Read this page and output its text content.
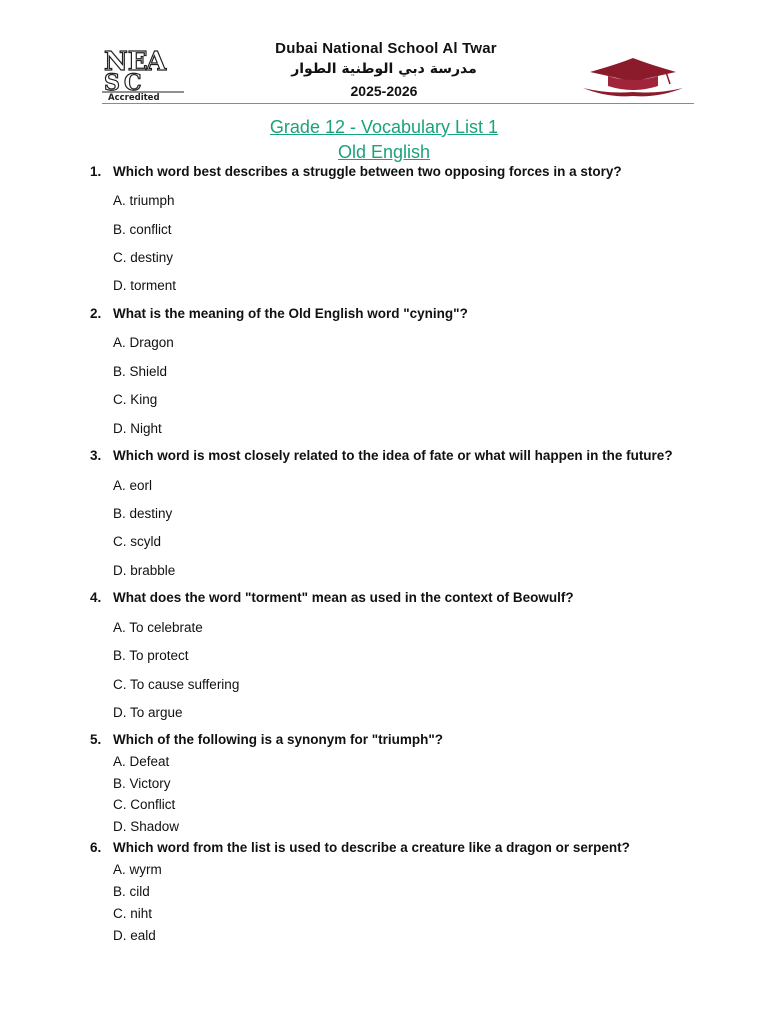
NE
A
S C
Accredited
Dubai National School Al Twar
مدرسة دبي الوطنية الطوار
2025-2026
Grade 12 - Vocabulary List 1
Old English
1. Which word best describes a struggle between two opposing forces in a story?
A. triumph
B. conflict
C. destiny
D. torment
2. What is the meaning of the Old English word "cyning"?
A. Dragon
B. Shield
C. King
D. Night
3. Which word is most closely related to the idea of fate or what will happen in the future?
A. eorl
B. destiny
C. scyld
D. brabble
4. What does the word "torment" mean as used in the context of Beowulf?
A. To celebrate
B. To protect
C. To cause suffering
D. To argue
5. Which of the following is a synonym for "triumph"?
A. Defeat
B. Victory
C. Conflict
D. Shadow
6. Which word from the list is used to describe a creature like a dragon or serpent?
A. wyrm
B. cild
C. niht
D. eald
